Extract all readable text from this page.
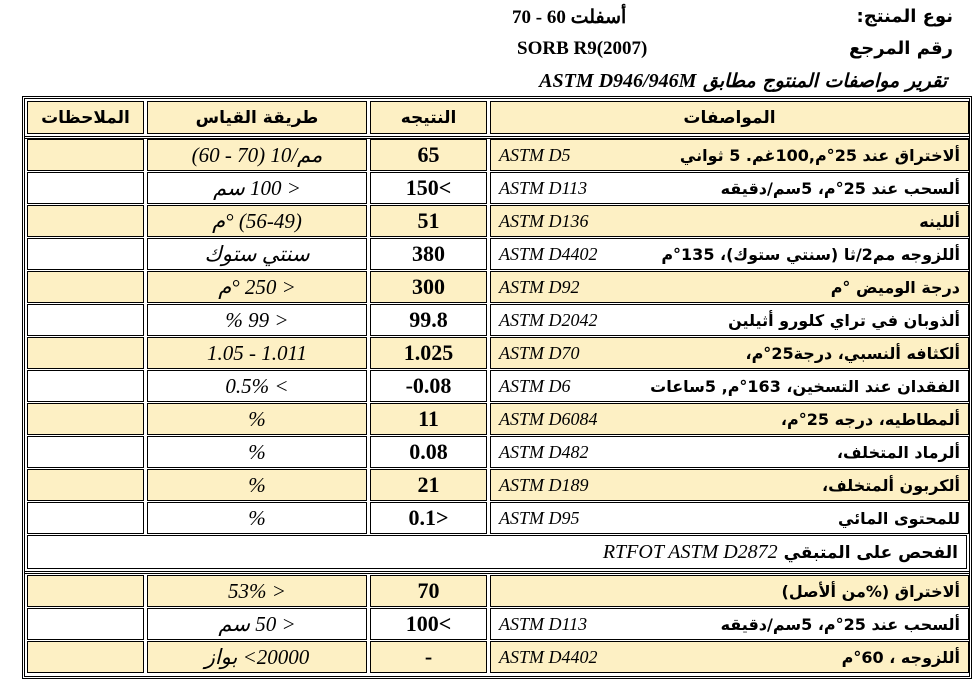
نوع المنتج:
أسفلت 60 - 70
رقم المرجع
SORB R9(2007)
تقرير مواصفات المنتوج مطابق ASTM D946/946M
الملاحظات	طريقة القياس	النتيجه	المواصفات
مم/10 (70 - 60)	65	ASTM D5	ألاختراق عند 25°م,100غم. 5 ثواني
< 100 سم	150<	ASTM D113	ألسحب عند 25°م، 5سم/دقيقه
(56-49) °م	51	ASTM D136	أللينه
سنتي ستوك	380	ASTM D4402	أللزوجه مم2/ثا (سنتي ستوك)، 135°م
< 250 °م	300	ASTM D92	درجة الوميض °م
< 99 %	99.8	ASTM D2042	ألذوبان في تراي كلورو أثيلين
1.011 - 1.05	1.025	ASTM D70	ألكثافه ألنسبي، درجة25°م،
> 0.5%	-0.08	ASTM D6	الفقدان عند التسخين، 163°م, 5ساعات
%	11	ASTM D6084	ألمطاطيه، درجه 25°م،
%	0.08	ASTM D482	ألرماد المتخلف،
%	21	ASTM D189	ألكربون ألمتخلف،
%	0.1>	ASTM D95	للمحتوى المائي
الفحص على المتبقي RTFOT ASTM D2872
< 53%	70	ألاختراق (%من ألأصل)
< 50 سم	100<	ASTM D113	ألسحب عند 25°م، 5سم/دقيقه
20000> بواز	-	ASTM D4402	أللزوجه ، 60°م
